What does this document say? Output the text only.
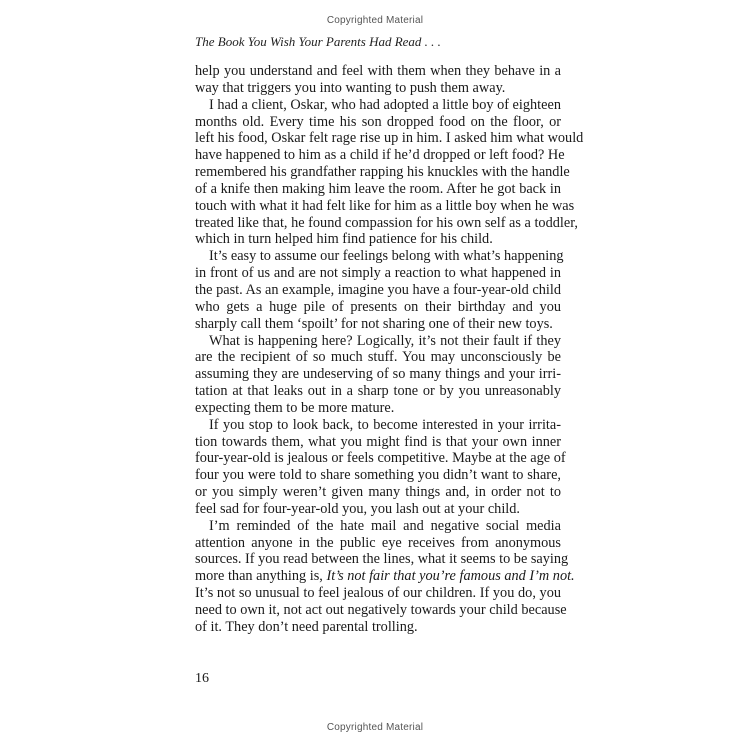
Copyrighted Material
The Book You Wish Your Parents Had Read . . .
help you understand and feel with them when they behave in a
way that triggers you into wanting to push them away.
I had a client, Oskar, who had adopted a little boy of eighteen
months old. Every time his son dropped food on the floor, or
left his food, Oskar felt rage rise up in him. I asked him what would
have happened to him as a child if he’d dropped or left food? He
remembered his grandfather rapping his knuckles with the handle
of a knife then making him leave the room. After he got back in
touch with what it had felt like for him as a little boy when he was
treated like that, he found compassion for his own self as a toddler,
which in turn helped him find patience for his child.
It’s easy to assume our feelings belong with what’s happening
in front of us and are not simply a reaction to what happened in
the past. As an example, imagine you have a four-year-old child
who gets a huge pile of presents on their birthday and you
sharply call them ‘spoilt’ for not sharing one of their new toys.
What is happening here? Logically, it’s not their fault if they
are the recipient of so much stuff. You may unconsciously be
assuming they are undeserving of so many things and your irri-
tation at that leaks out in a sharp tone or by you unreasonably
expecting them to be more mature.
If you stop to look back, to become interested in your irrita-
tion towards them, what you might find is that your own inner
four-year-old is jealous or feels competitive. Maybe at the age of
four you were told to share something you didn’t want to share,
or you simply weren’t given many things and, in order not to
feel sad for four-year-old you, you lash out at your child.
I’m reminded of the hate mail and negative social media
attention anyone in the public eye receives from anonymous
sources. If you read between the lines, what it seems to be saying
more than anything is, It’s not fair that you’re famous and I’m not.
It’s not so unusual to feel jealous of our children. If you do, you
need to own it, not act out negatively towards your child because
of it. They don’t need parental trolling.
16
Copyrighted Material
